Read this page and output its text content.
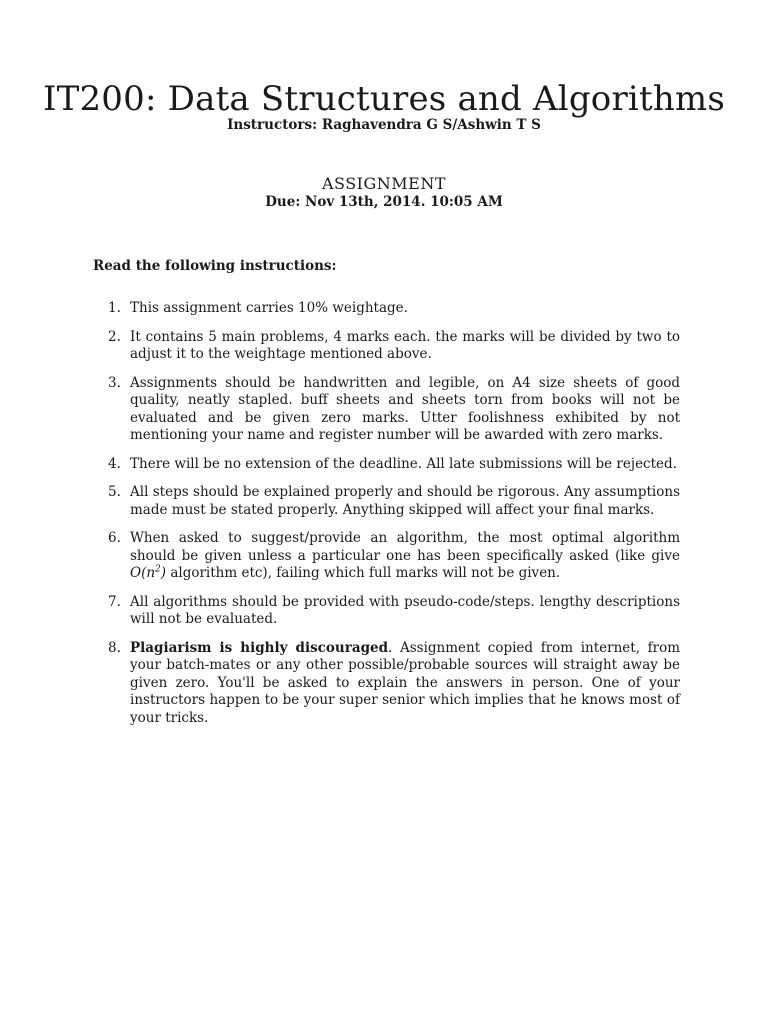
IT200: Data Structures and Algorithms
Instructors: Raghavendra G S/Ashwin T S
ASSIGNMENT
Due: Nov 13th, 2014. 10:05 AM
Read the following instructions:
1. This assignment carries 10% weightage.
2. It contains 5 main problems, 4 marks each. the marks will be divided by two to adjust it to the weightage mentioned above.
3. Assignments should be handwritten and legible, on A4 size sheets of good quality, neatly stapled. buff sheets and sheets torn from books will not be evaluated and be given zero marks. Utter foolishness exhibited by not mentioning your name and register number will be awarded with zero marks.
4. There will be no extension of the deadline. All late submissions will be rejected.
5. All steps should be explained properly and should be rigorous. Any assumptions made must be stated properly. Anything skipped will affect your final marks.
6. When asked to suggest/provide an algorithm, the most optimal algorithm should be given unless a particular one has been specifically asked (like give $O(n^2)$ algorithm etc), failing which full marks will not be given.
7. All algorithms should be provided with pseudo-code/steps. lengthy descriptions will not be evaluated.
8. Plagiarism is highly discouraged. Assignment copied from internet, from your batch-mates or any other possible/probable sources will straight away be given zero. You'll be asked to explain the answers in person. One of your instructors happen to be your super senior which implies that he knows most of your tricks.
